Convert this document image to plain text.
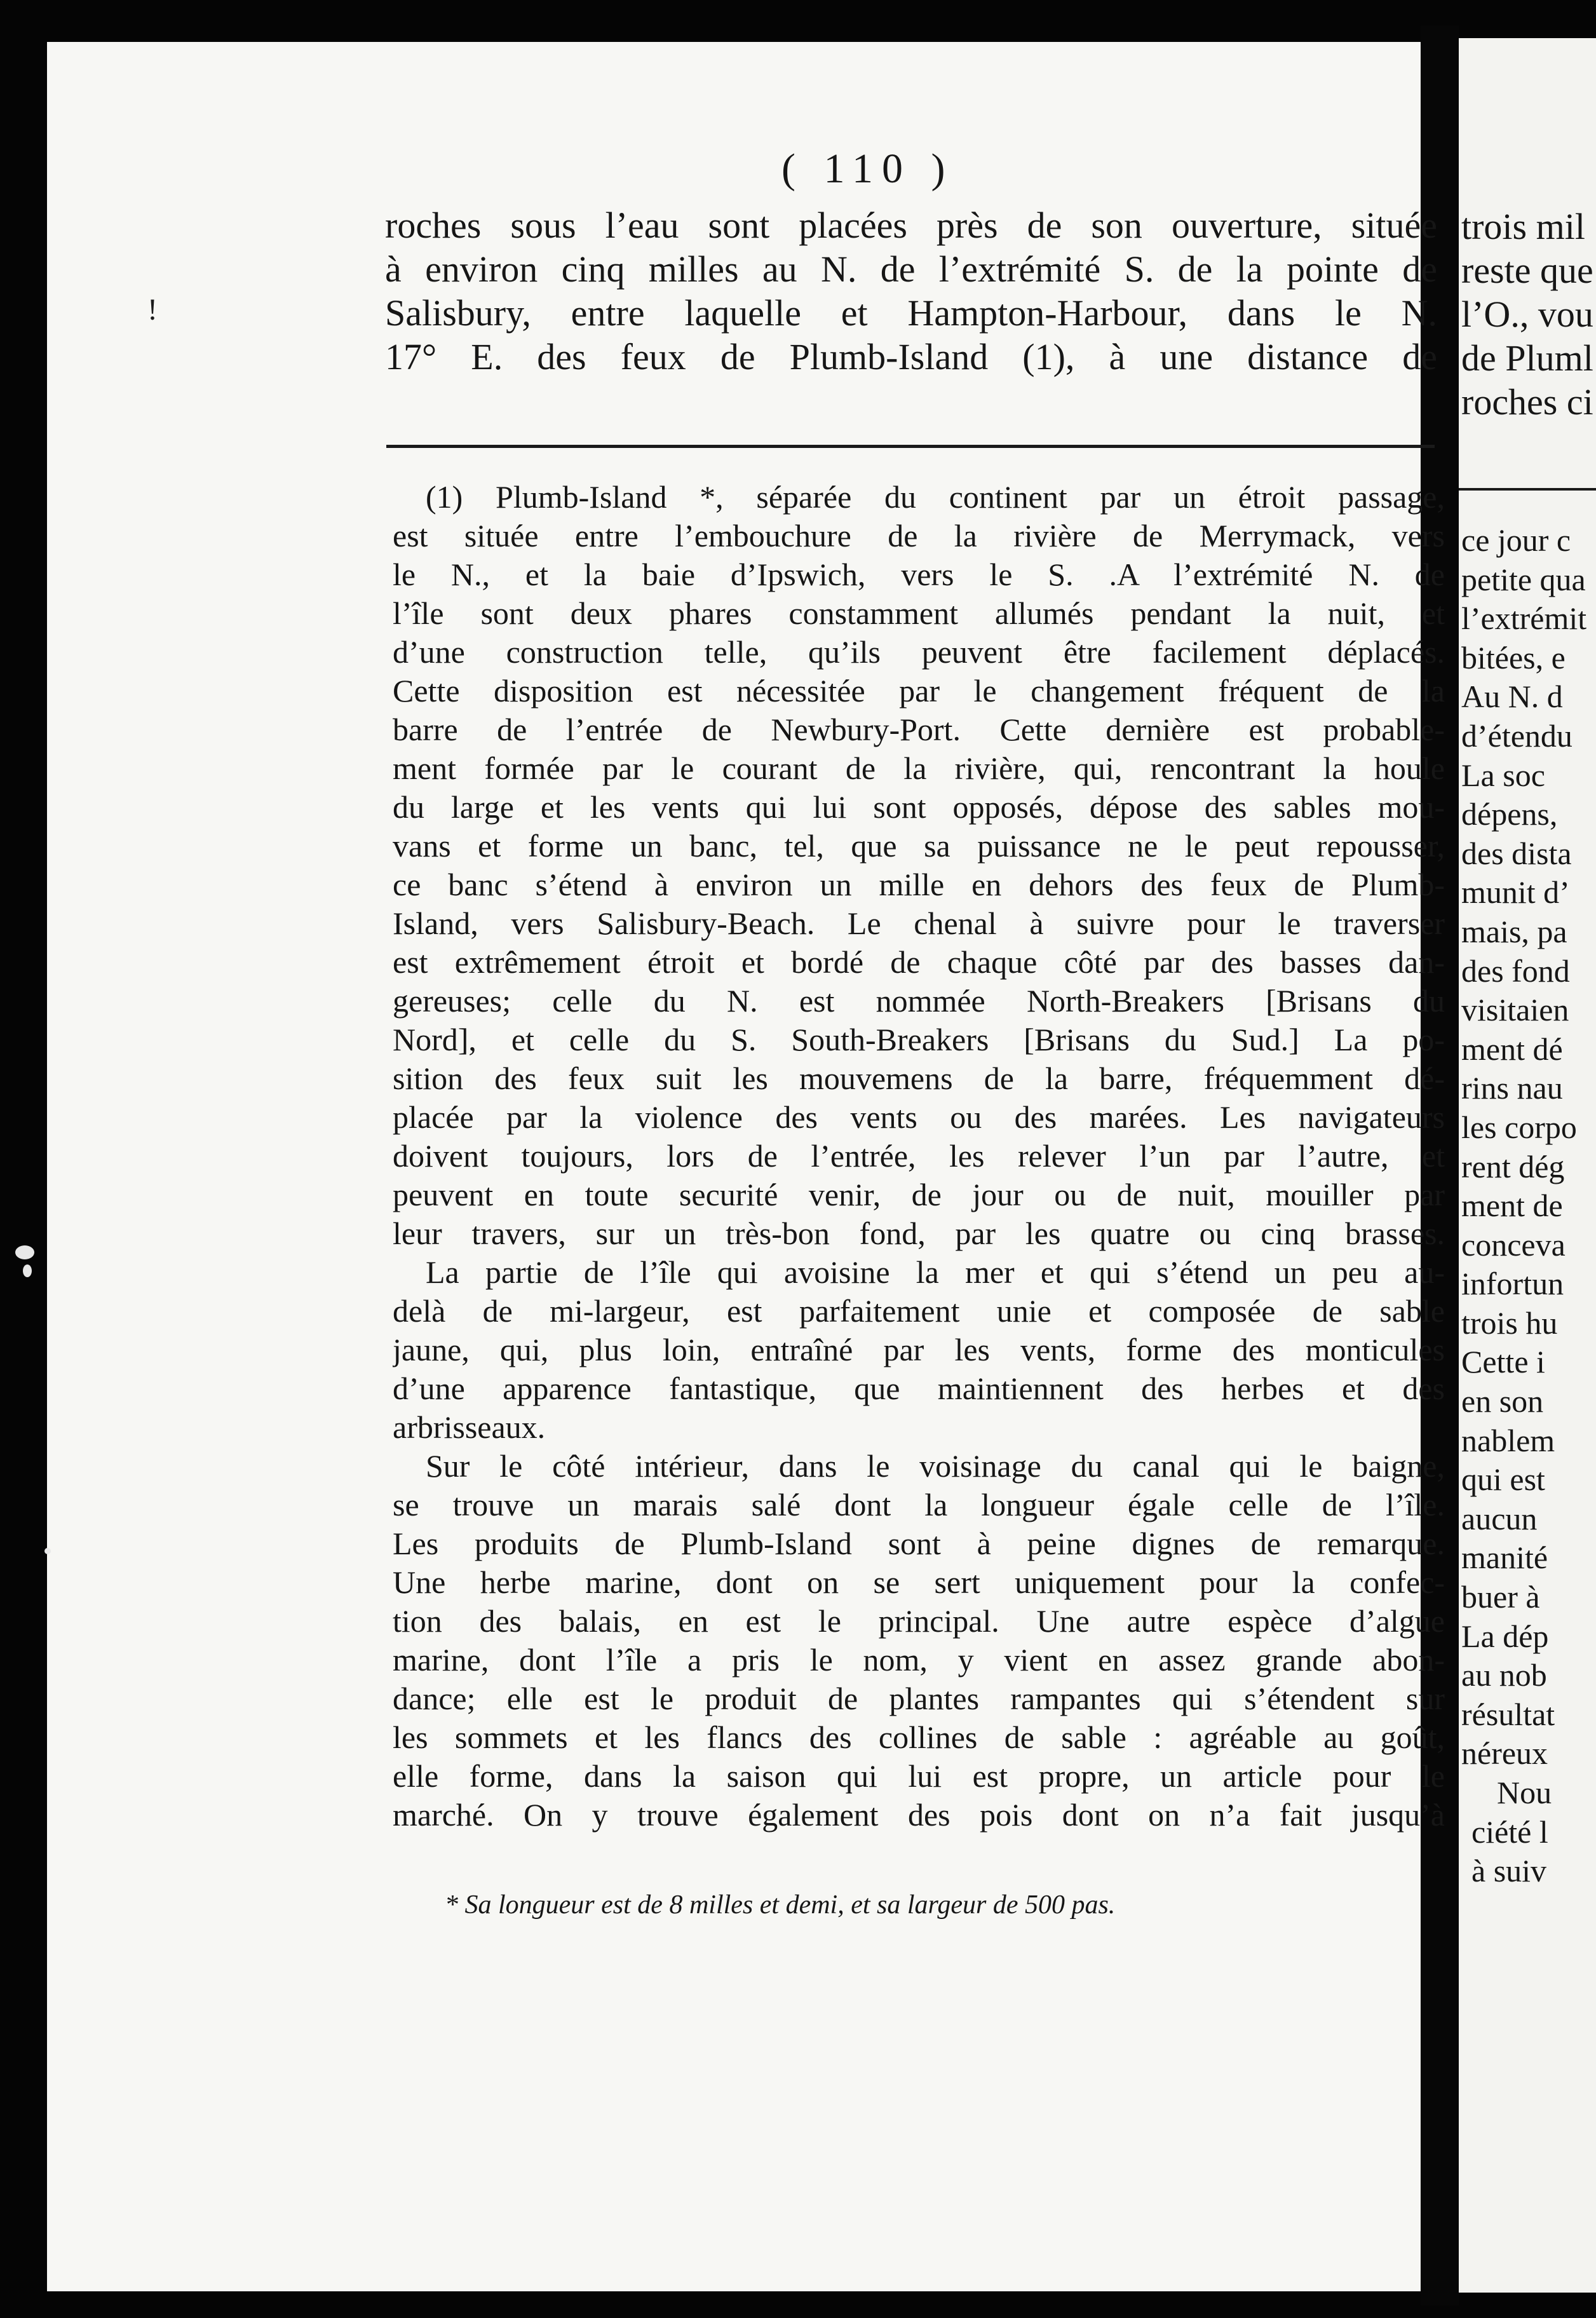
!

( 110 )

roches sous l’eau sont placées près de son ouverture, située
à environ cinq milles au N. de l’extrémité S. de la pointe de
Salisbury, entre laquelle et Hampton-Harbour, dans le N.
17° E. des feux de Plumb-Island (1), à une distance de
(1) Plumb-Island *, séparée du continent par un étroit passage,
est située entre l’embouchure de la rivière de Merrymack, vers
le N., et la baie d’Ipswich, vers le S. .A l’extrémité N. de
l’île sont deux phares constamment allumés pendant la nuit, et
d’une construction telle, qu’ils peuvent être facilement déplacés.
Cette disposition est nécessitée par le changement fréquent de la
barre de l’entrée de Newbury-Port. Cette dernière est probable-
ment formée par le courant de la rivière, qui, rencontrant la houle
du large et les vents qui lui sont opposés, dépose des sables mou-
vans et forme un banc, tel, que sa puissance ne le peut repousser,
ce banc s’étend à environ un mille en dehors des feux de Plumb-
Island, vers Salisbury-Beach. Le chenal à suivre pour le traverser
est extrêmement étroit et bordé de chaque côté par des basses dan-
gereuses; celle du N. est nommée North-Breakers [Brisans du
Nord], et celle du S. South-Breakers [Brisans du Sud.] La po-
sition des feux suit les mouvemens de la barre, fréquemment dé-
placée par la violence des vents ou des marées. Les navigateurs
doivent toujours, lors de l’entrée, les relever l’un par l’autre, et
peuvent en toute securité venir, de jour ou de nuit, mouiller par
leur travers, sur un très-bon fond, par les quatre ou cinq brasses.
La partie de l’île qui avoisine la mer et qui s’étend un peu au-
delà de mi-largeur, est parfaitement unie et composée de sable
jaune, qui, plus loin, entraîné par les vents, forme des monticules
d’une apparence fantastique, que maintiennent des herbes et des
arbrisseaux.
Sur le côté intérieur, dans le voisinage du canal qui le baigne,
se trouve un marais salé dont la longueur égale celle de l’île.
Les produits de Plumb-Island sont à peine dignes de remarque.
Une herbe marine, dont on se sert uniquement pour la confec-
tion des balais, en est le principal. Une autre espèce d’algue
marine, dont l’île a pris le nom, y vient en assez grande abon-
dance; elle est le produit de plantes rampantes qui s’étendent sur
les sommets et les flancs des collines de sable : agréable au goût,
elle forme, dans la saison qui lui est propre, un article pour le
marché. On y trouve également des pois dont on n’a fait jusqu’à

* Sa longueur est de 8 milles et demi, et sa largeur de 500 pas.

trois mil
reste que
l’O., vou
de Pluml
roches ci
ce jour c
petite qua
l’extrémit
bitées, e
Au N. d
d’étendu
La soc
dépens,
des dista
munit d’
mais, pa
des fond
visitaien
ment dé
rins nau
les corpo
rent dég
ment de
conceva
infortun
trois hu
Cette i
en son
nablem
qui est
aucun
manité
buer à
La dép
au nob
résultat
néreux
Nou
ciété l
à suiv
